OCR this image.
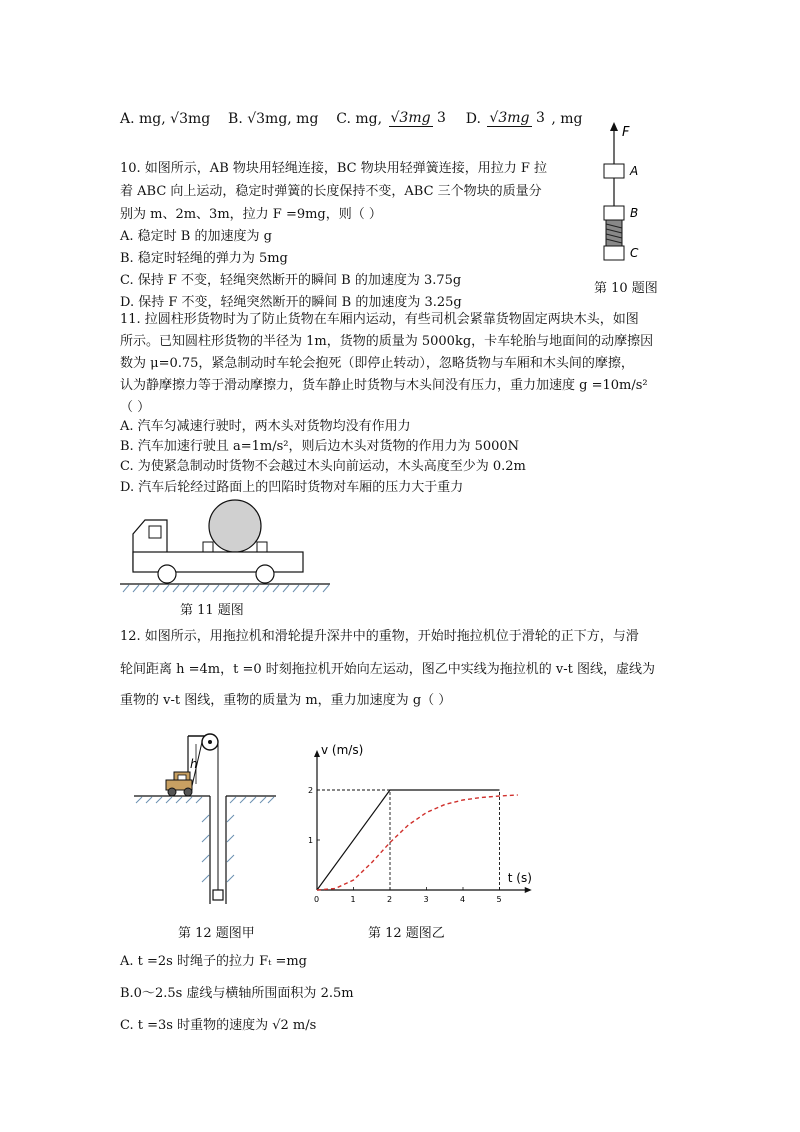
A. mg, √3mg B. √3mg, mg C. mg, √3mg 3 D. √3mg 3 , mg
10. 如图所示，AB 物块用轻绳连接，BC 物块用轻弹簧连接，用拉力 F 拉
着 ABC 向上运动，稳定时弹簧的长度保持不变，ABC 三个物块的质量分
别为 m、2m、3m，拉力 F =9mg，则（ ）
A. 稳定时 B 的加速度为 g
B. 稳定时轻绳的弹力为 5mg
C. 保持 F 不变，轻绳突然断开的瞬间 B 的加速度为 3.75g
D. 保持 F 不变，轻绳突然断开的瞬间 B 的加速度为 3.25g
F
A
B
C
第 10 题图
11. 拉圆柱形货物时为了防止货物在车厢内运动，有些司机会紧靠货物固定两块木头，如图
所示。已知圆柱形货物的半径为 1m，货物的质量为 5000kg，卡车轮胎与地面间的动摩擦因
数为 μ=0.75，紧急制动时车轮会抱死（即停止转动），忽略货物与车厢和木头间的摩擦，
认为静摩擦力等于滑动摩擦力，货车静止时货物与木头间没有压力，重力加速度 g =10m/s²
（ ）
A. 汽车匀减速行驶时，两木头对货物均没有作用力
B. 汽车加速行驶且 a=1m/s²，则后边木头对货物的作用力为 5000N
C. 为使紧急制动时货物不会越过木头向前运动，木头高度至少为 0.2m
D. 汽车后轮经过路面上的凹陷时货物对车厢的压力大于重力
第 11 题图
12. 如图所示，用拖拉机和滑轮提升深井中的重物，开始时拖拉机位于滑轮的正下方，与滑
轮间距离 h =4m，t =0 时刻拖拉机开始向左运动，图乙中实线为拖拉机的 v-t 图线，虚线为
重物的 v-t 图线，重物的质量为 m，重力加速度为 g（ ）
h
第 12 题图甲
t (s)
v (m/s)
0	1	2	3	4	5
1
2
第 12 题图乙
A. t =2s 时绳子的拉力 Fₜ =mg
B.0～2.5s 虚线与横轴所围面积为 2.5m
C. t =3s 时重物的速度为 √2 m/s
